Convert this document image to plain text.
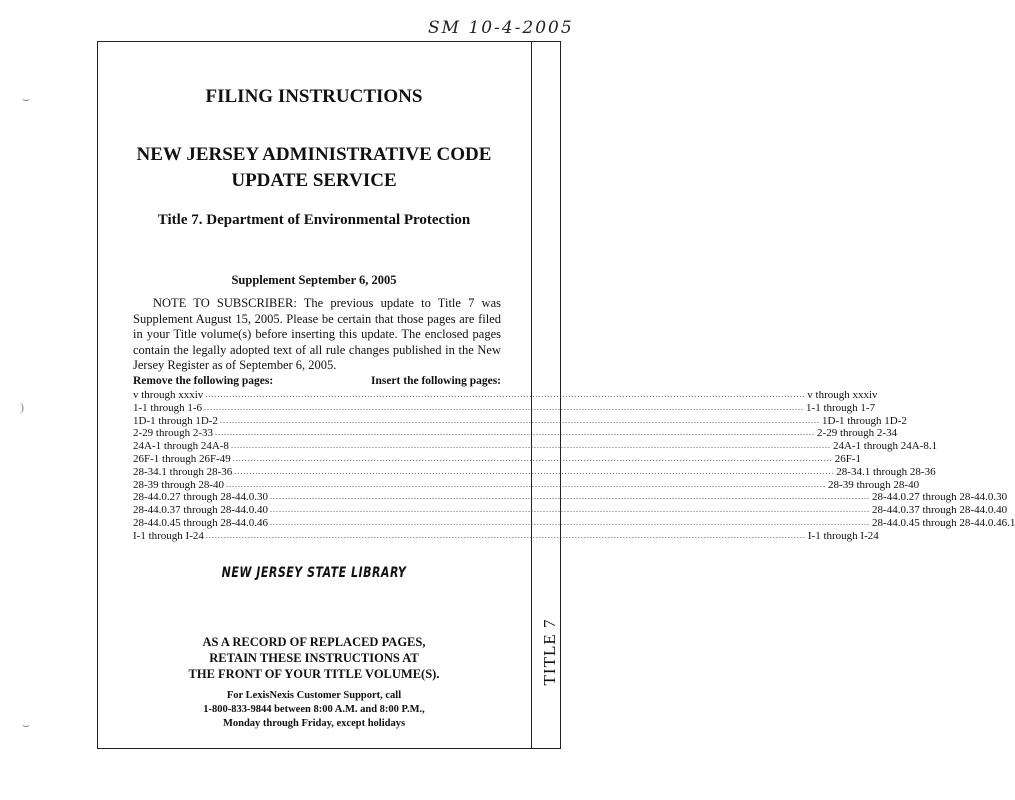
SM 10-4-2005
TITLE 7
⌣
)
⌣
FILING INSTRUCTIONS
NEW JERSEY ADMINISTRATIVE CODE
UPDATE SERVICE
Title 7. Department of Environmental Protection
Supplement September 6, 2005
NOTE TO SUBSCRIBER: The previous update to Title 7 was Supplement August 15, 2005. Please be certain that those pages are filed in your Title volume(s) before inserting this update. The enclosed pages contain the legally adopted text of all rule changes published in the New Jersey Register as of September 6, 2005.
Remove the following pages:	Insert the following pages:
v through xxxiv ........................................................................................................................................................................................................ v through xxxiv
1-1 through 1-6 ........................................................................................................................................................................................................ 1-1 through 1-7
1D-1 through 1D-2 ........................................................................................................................................................................................................ 1D-1 through 1D-2
2-29 through 2-33 ........................................................................................................................................................................................................ 2-29 through 2-34
24A-1 through 24A-8 ........................................................................................................................................................................................................ 24A-1 through 24A-8.1
26F-1 through 26F-49 ........................................................................................................................................................................................................ 26F-1
28-34.1 through 28-36 ........................................................................................................................................................................................................ 28-34.1 through 28-36
28-39 through 28-40 ........................................................................................................................................................................................................ 28-39 through 28-40
28-44.0.27 through 28-44.0.30 ........................................................................................................................................................................................................ 28-44.0.27 through 28-44.0.30
28-44.0.37 through 28-44.0.40 ........................................................................................................................................................................................................ 28-44.0.37 through 28-44.0.40
28-44.0.45 through 28-44.0.46 ........................................................................................................................................................................................................ 28-44.0.45 through 28-44.0.46.1
I-1 through I-24 ........................................................................................................................................................................................................ I-1 through I-24
NEW JERSEY STATE LIBRARY
AS A RECORD OF REPLACED PAGES,
RETAIN THESE INSTRUCTIONS AT
THE FRONT OF YOUR TITLE VOLUME(S).
For LexisNexis Customer Support, call
1-800-833-9844 between 8:00 A.M. and 8:00 P.M.,
Monday through Friday, except holidays
